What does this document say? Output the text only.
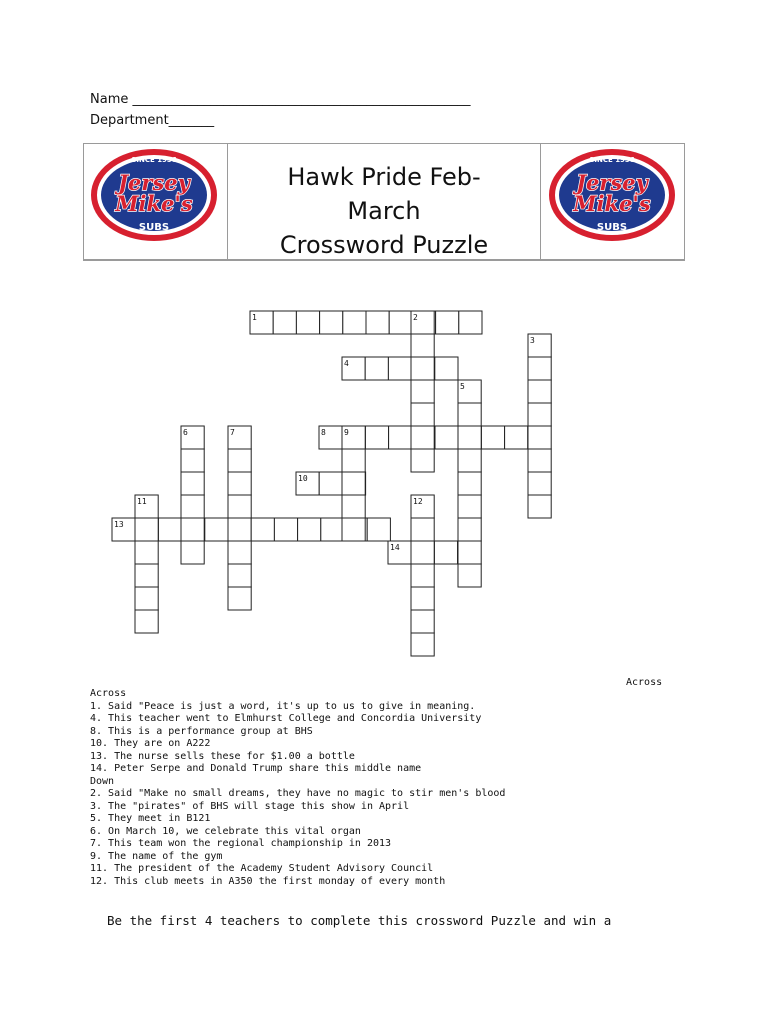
Name ____________________________________________________
Department_______
SINCE 1956
Jersey
Mike's
SUBS
SINCE 1956
Jersey
Mike's
SUBS
Hawk Pride Feb-
March
Crossword Puzzle
1	2
3
4
5
6	7	8 9
10
11	12
13
14
Across
Across
1. Said "Peace is just a word, it's up to us to give in meaning.
4. This teacher went to Elmhurst College and Concordia University
8. This is a performance group at BHS
10. They are on A222
13. The nurse sells these for $1.00 a bottle
14. Peter Serpe and Donald Trump share this middle name
Down
2. Said "Make no small dreams, they have no magic to stir men's blood
3. The "pirates" of BHS will stage this show in April
5. They meet in B121
6. On March 10, we celebrate this vital organ
7. This team won the regional championship in 2013
9. The name of the gym
11. The president of the Academy Student Advisory Council
12. This club meets in A350 the first monday of every month
Be the first 4 teachers to complete this crossword Puzzle and win a
